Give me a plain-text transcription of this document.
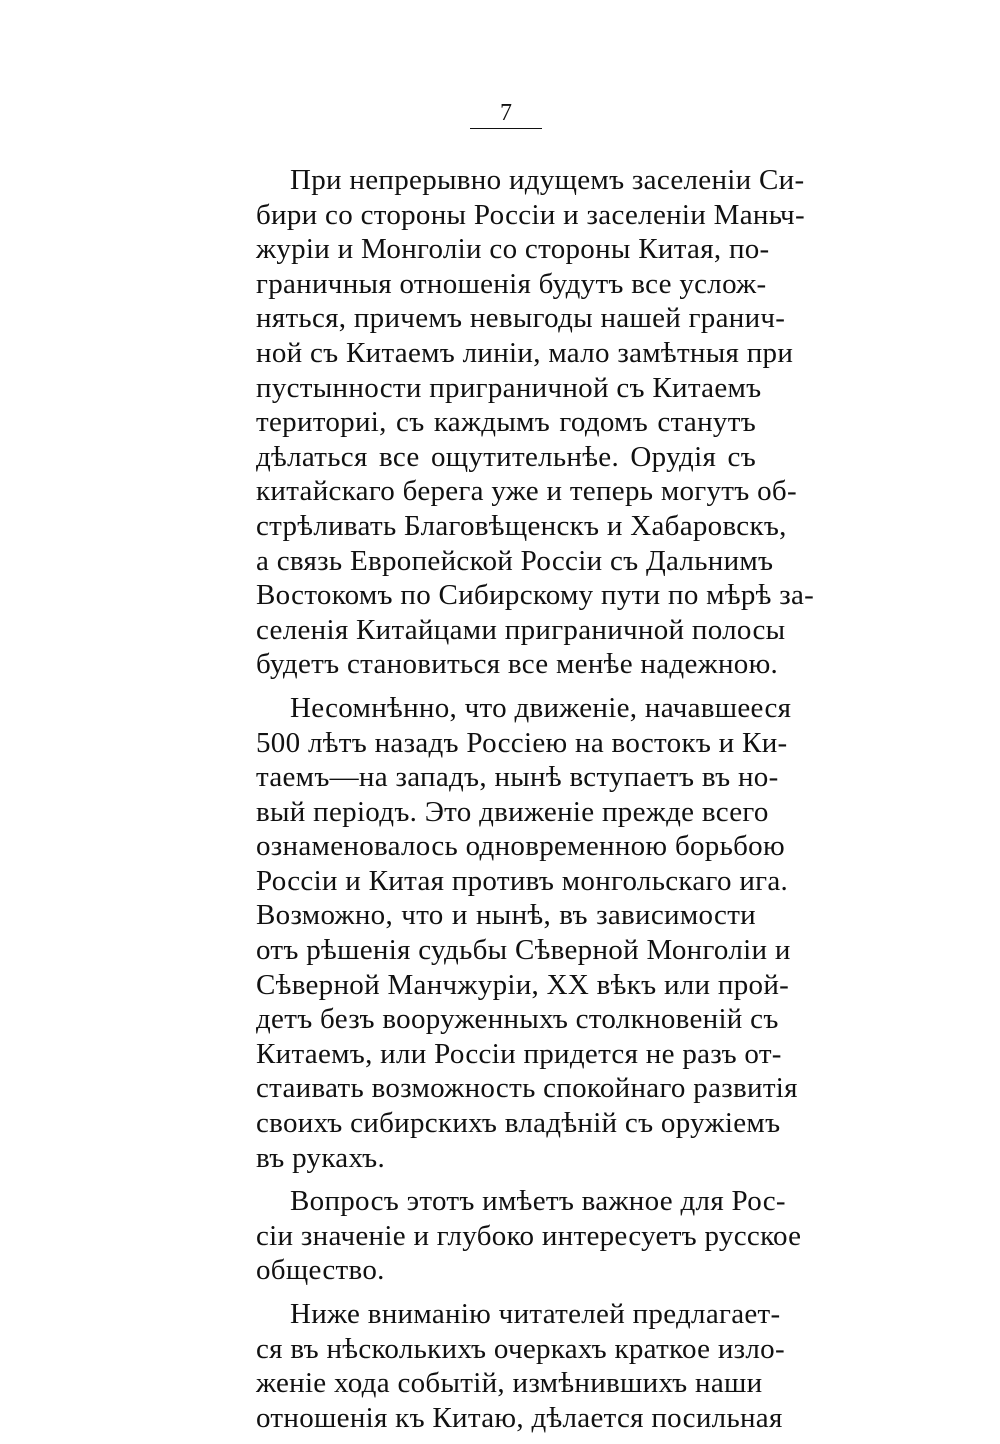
7
При непрерывно идущемъ заселенiи Си-
бири со стороны Россiи и заселенiи Маньч-
журiи и Монголiи со стороны Китая, по-
граничныя отношенiя будутъ все услож-
няться, причемъ невыгоды нашей гранич-
ной съ Китаемъ линiи, мало замѣтныя при
пустынности приграничной съ Китаемъ
териториi, съ каждымъ годомъ станутъ
дѣлаться все ощутительнѣе. Орудiя съ
китайскаго берега уже и теперь могутъ об-
стрѣливать Благовѣщенскъ и Хабаровскъ,
а связь Европейской Россiи съ Дальнимъ
Востокомъ по Сибирскому пути по мѣрѣ за-
селенiя Китайцами приграничной полосы
будетъ становиться все менѣе надежною.
Несомнѣнно, что движенiе, начавшееся
500 лѣтъ назадъ Россiею на востокъ и Ки-
таемъ—на западъ, нынѣ вступаетъ въ но-
вый перiодъ. Это движенiе прежде всего
ознаменовалось одновременною борьбою
Россiи и Китая противъ монгольскаго ига.
Возможно, что и нынѣ, въ зависимости
отъ рѣшенiя судьбы Сѣверной Монголiи и
Сѣверной Манчжурiи, XX вѣкъ или прой-
детъ безъ вооруженныхъ столкновенiй съ
Китаемъ, или Россiи придется не разъ от-
стаивать возможность спокойнаго развитiя
своихъ сибирскихъ владѣнiй съ оружiемъ
въ рукахъ.
Вопросъ этотъ имѣетъ важное для Рос-
сiи значенiе и глубоко интересуетъ русское
общество.
Ниже вниманiю читателей предлагает-
ся въ нѣсколькихъ очеркахъ краткое изло-
женiе хода событiй, измѣнившихъ наши
отношенiя къ Китаю, дѣлается посильная
